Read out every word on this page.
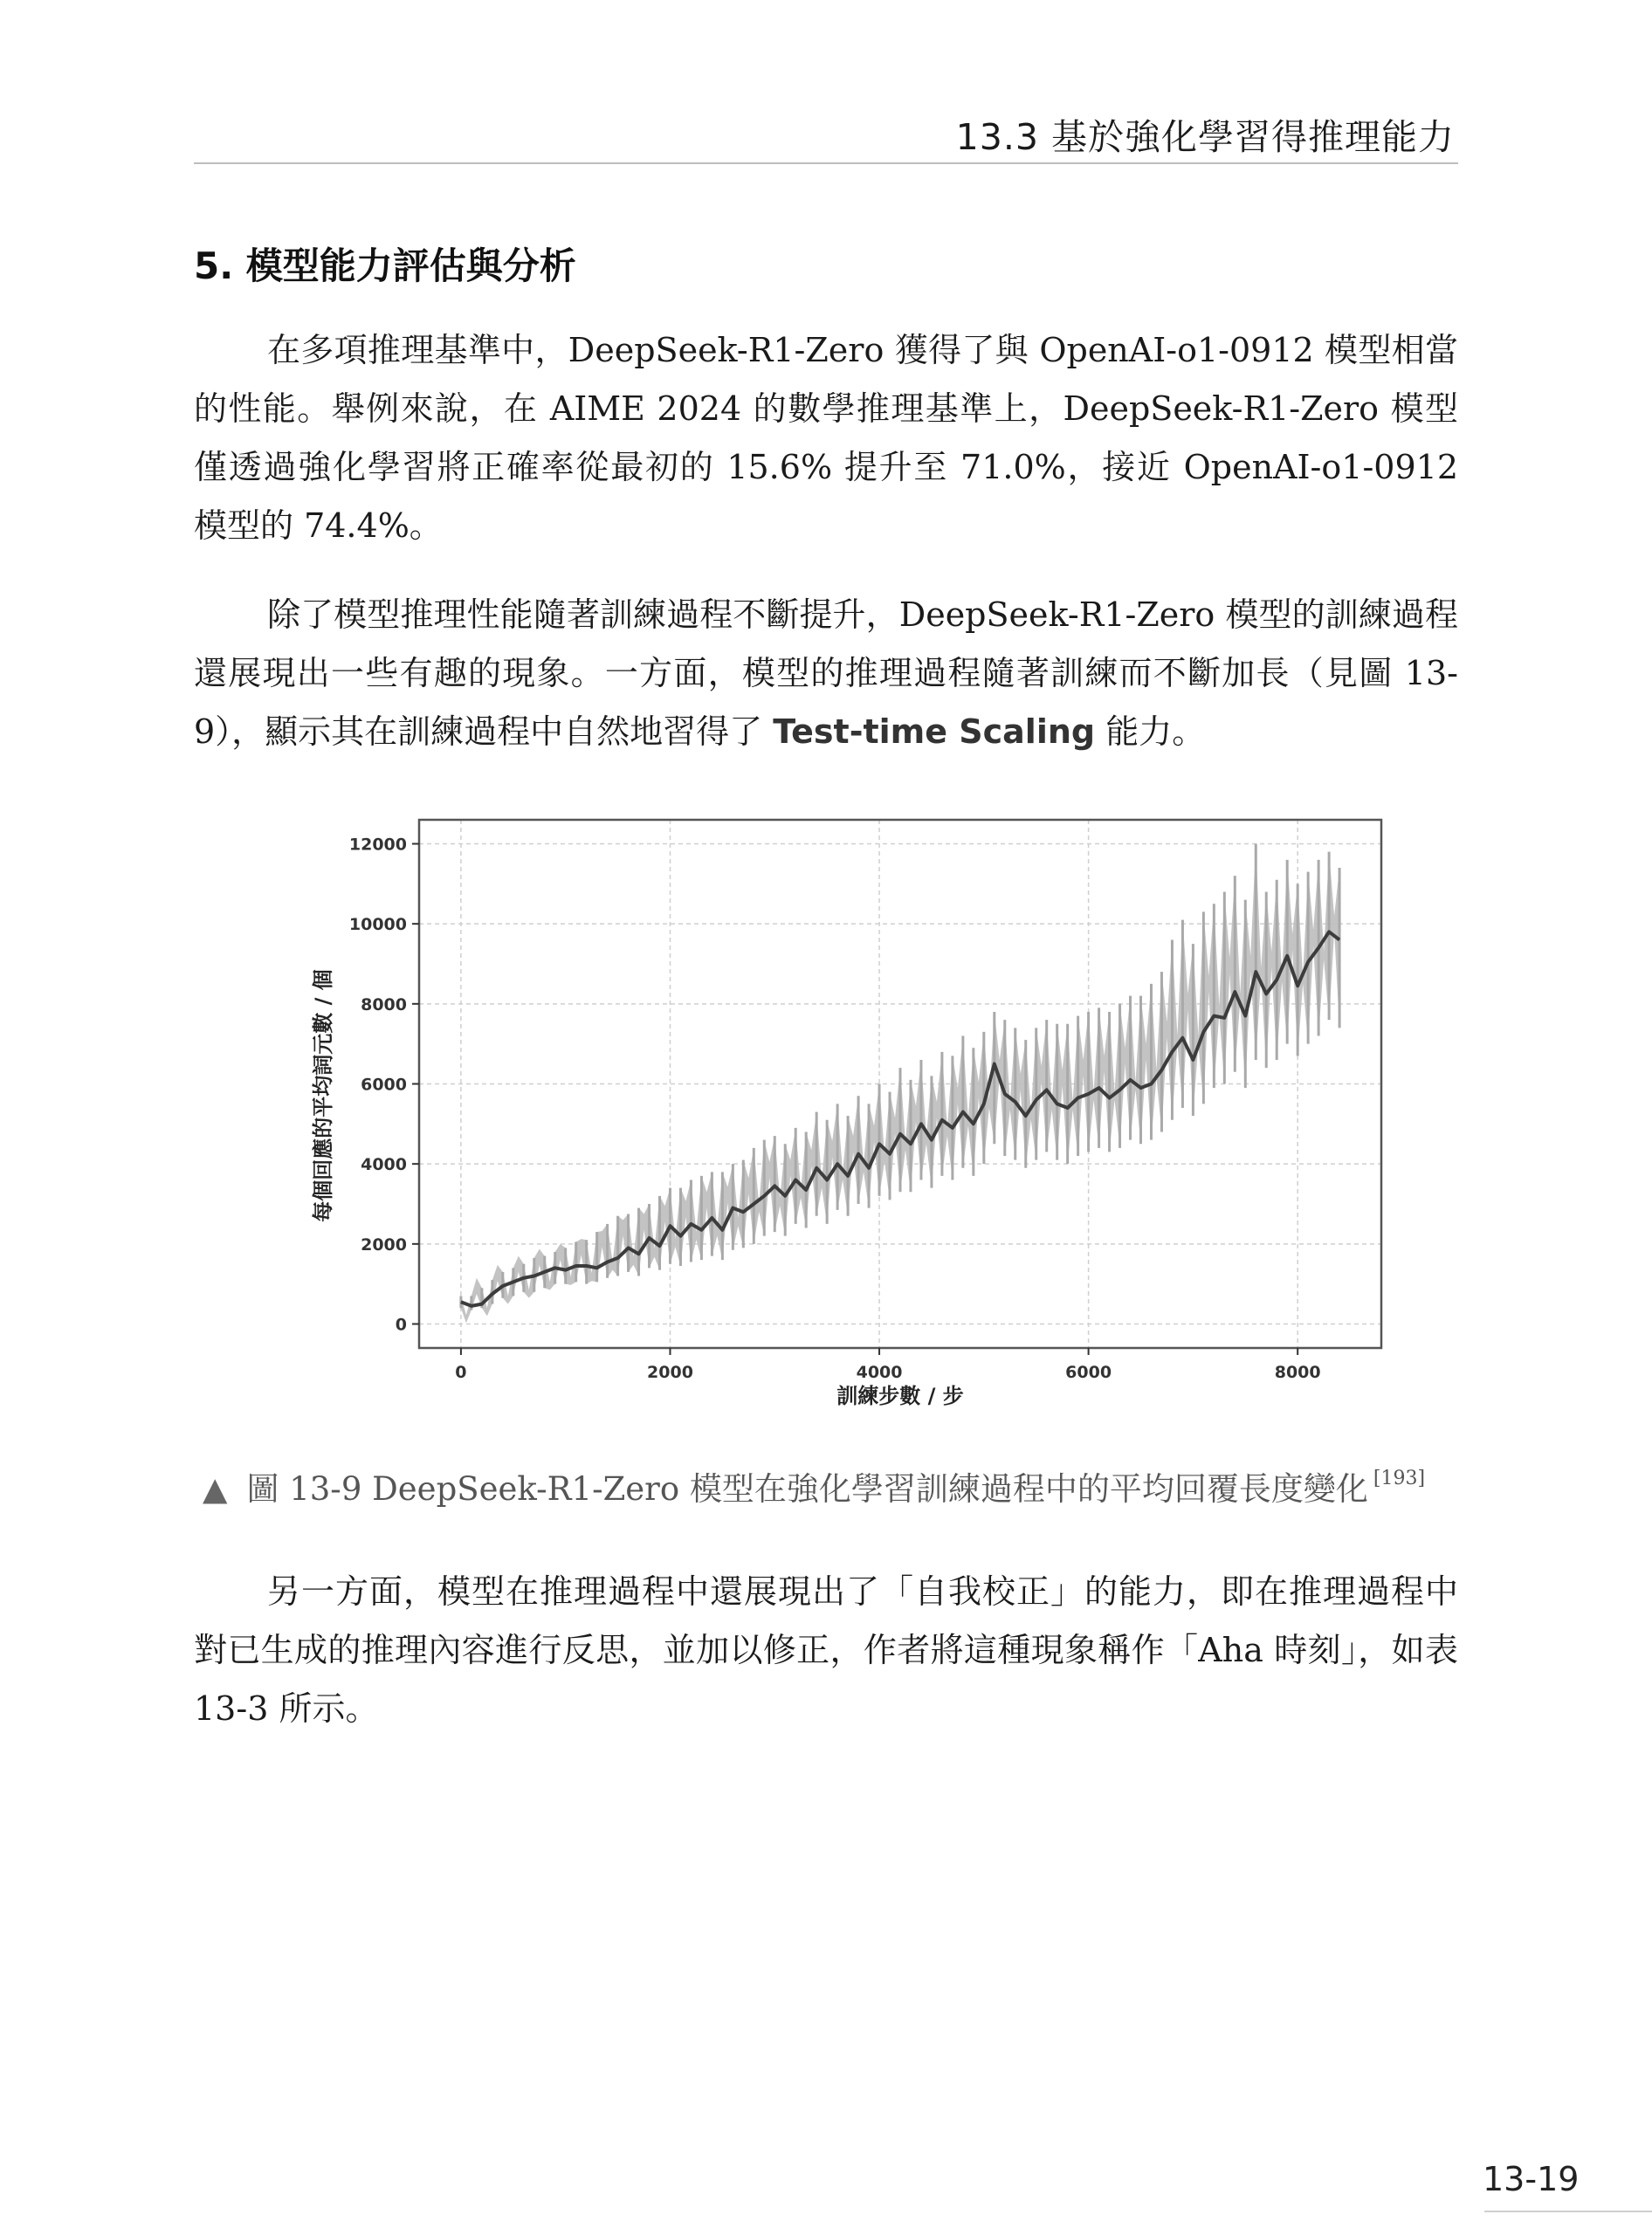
13.3 基於強化學習得推理能力
5. 模型能力評估與分析

在多項推理基準中，DeepSeek-R1-Zero 獲得了與 OpenAI-o1-0912 模型相當的性能。舉例來說，在 AIME 2024 的數學推理基準上，DeepSeek-R1-Zero 模型僅透過強化學習將正確率從最初的 15.6% 提升至 71.0%，接近 OpenAI-o1-0912 模型的 74.4%。

除了模型推理性能隨著訓練過程不斷提升，DeepSeek-R1-Zero 模型的訓練過程還展現出一些有趣的現象。一方面，模型的推理過程隨著訓練而不斷加長（見圖 13-9），顯示其在訓練過程中自然地習得了 Test-time Scaling 能力。

0	2000	4000	6000	8000
0
2000
4000
6000
8000
10000
12000
訓練步數 / 步
每個回應的平均詞元數 / 個
▲ 圖 13-9 DeepSeek-R1-Zero 模型在強化學習訓練過程中的平均回覆長度變化 [193]

另一方面，模型在推理過程中還展現出了「自我校正」的能力，即在推理過程中對已生成的推理內容進行反思，並加以修正，作者將這種現象稱作「Aha 時刻」，如表 13-3 所示。

13-19
